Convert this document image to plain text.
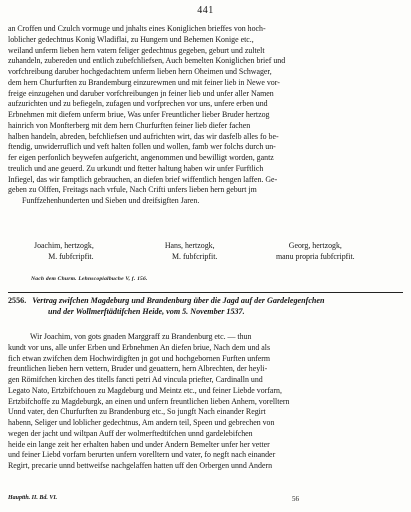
441
an Croffen und Czulch vormuge und jnhalts eines Koniglichen brieffes von hoch-
loblicher gedechtnus Konig Wladiflai, zu Hungern und Behemen Konige etc.,
weiland unferm lieben hern vatern feliger gedechtnus gegeben, geburt und zultelt
zuhandeln, zubereden und entlich zubefchliefsen, Auch bemelten Koniglichen brief und
vorfchreibung daruber hochgedachtem unferm lieben hern Oheimen und Schwager,
dem hern Churfurften zu Brandemburg einzurewmen und mit feiner lieb in Newe vor-
freige einzugehen und daruber vorfchreibungen jn feiner lieb und unfer aller Namen
aufzurichten und zu befiegeln, zufagen und vorfprechen vor uns, unfere erben und
Erbnehmen mit diefem unferm briue, Was unfer Freuntlicher lieber Bruder hertzog
hainrich von Monfterberg mit dem hern Churfurften feiner lieb diefer fachen
halben handeln, abreden, befchliefsen und aufrichten wirt, das wir dasfelb alles fo be-
ftendig, unwiderruflich und veft halten follen und wollen, famb wer folchs durch un-
fer eigen perfonlich beywefen aufgericht, angenommen und bewilligt worden, gantz
treulich und ane geuerd. Zu urkundt und ftetter haltung haben wir unfer Furftlich
Infiegel, das wir famptlich gebrauchen, an diefen brief wiffentlich hengen laffen. Ge-
geben zu Olffen, Freitags nach vrfule, Nach Crifti unfers lieben hern geburt jm
Funffzehenhunderten und Sieben und dreifsigften Jaren.
Joachim, hertzogk,
M. fubfcripfit.
Hans, hertzogk,
M. fubfcripfit.
Georg, hertzogk,
manu propria fubfcripfit.
Nach dem Churm. Lehnscopialbuche V, f. 156.
2556. Vertrag zwifchen Magdeburg und Brandenburg über die Jagd auf der Gardelegenfchen
und der Wollmerftädtifchen Heide, vom 5. November 1537.
Wir Joachim, von gots gnaden Marggraff zu Brandenburg etc. — thun
kundt vor uns, alle unfer Erben und Erbnehmen An diefen briue, Nach dem und als
fich etwan zwifchen dem Hochwirdigften jn got und hochgebornen Furften unferm
freuntlichen lieben hern vettern, Bruder und geuattern, hern Albrechten, der heyli-
gen Römifchen kirchen des titells fancti petri Ad vincula priefter, Cardinalln und
Legato Nato, Ertzbifchouen zu Magdeburg und Meintz etc., und feiner Liebde vorfarn,
Ertzbifchoffe zu Magdeburgk, an einen und unfern freuntlichen lieben Anhern, vorelltern
Unnd vater, den Churfurften zu Brandenburg etc., So jungft Nach einander Regirt
habenn, Seliger und loblicher gedechtnus, Am andern teil, Speen und gebrechen von
wegen der jacht und wiltpan Auff der wolmerftedtifchen unnd gardelebifchen
heide ein lange zeit her erhalten haben und under Andern Bemelter unfer her vetter
und feiner Liebd vorfarn berurten unfern vorelltern und vater, fo negft nach einander
Regirt, precarie unnd bettweifse nachgelaffen hatten uff den Orbergen unnd Andern
Hauptth. II. Bd. VI.	56
